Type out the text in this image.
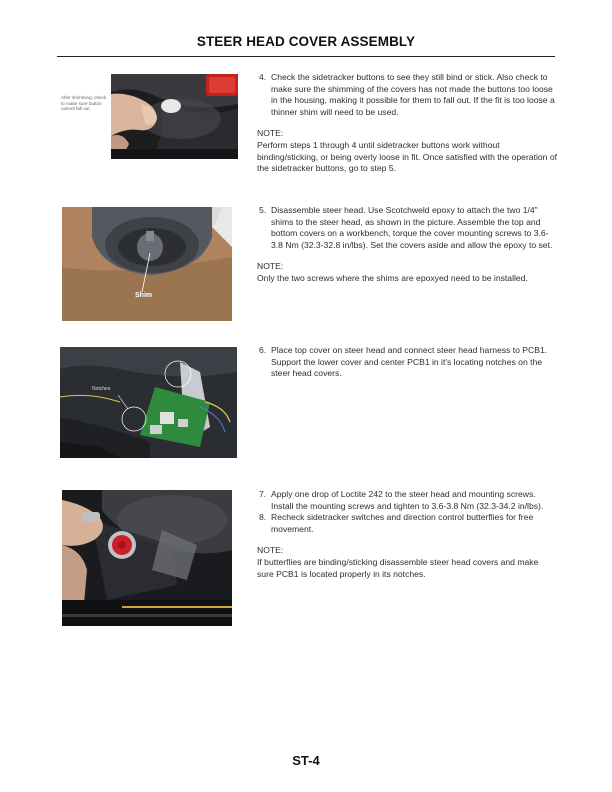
STEER HEAD COVER ASSEMBLY
After shimming, check
to make sure button
cannot fall out.
4. Check the sidetracker buttons to see they still bind or stick. Also check to make sure the shimming of the covers has not made the buttons too loose in the housing, making it possible for them to fall out. If the fit is too loose a thinner shim will need to be used.
NOTE:
Perform steps 1 through 4 until sidetracker buttons work without binding/sticking, or being overly loose in fit. Once satisfied with the operation of the sidetracker buttons, go to step 5.
Shim
5. Disassemble steer head. Use Scotchweld epoxy to attach the two 1/4" shims to the steer head, as shown in the picture. Assemble the top and bottom covers on a workbench, torque the cover mounting screws to 3.6-3.8 Nm (32.3-32.8 in/lbs). Set the covers aside and allow the epoxy to set.
NOTE:
Only the two screws where the shims are epoxyed need to be installed.
Notches
6. Place top cover on steer head and connect steer head harness to PCB1. Support the lower cover and center PCB1 in it's locating notches on the steer head covers.
7. Apply one drop of Loctite 242 to the steer head and mounting screws. Install the mounting screws and tighten to 3.6-3.8 Nm (32.3-34.2 in/lbs).
8. Recheck sidetracker switches and direction control butterflies for free movement.
NOTE:
If butterflies are binding/sticking disassemble steer head covers and make sure PCB1 is located properly in its notches.
ST-4
